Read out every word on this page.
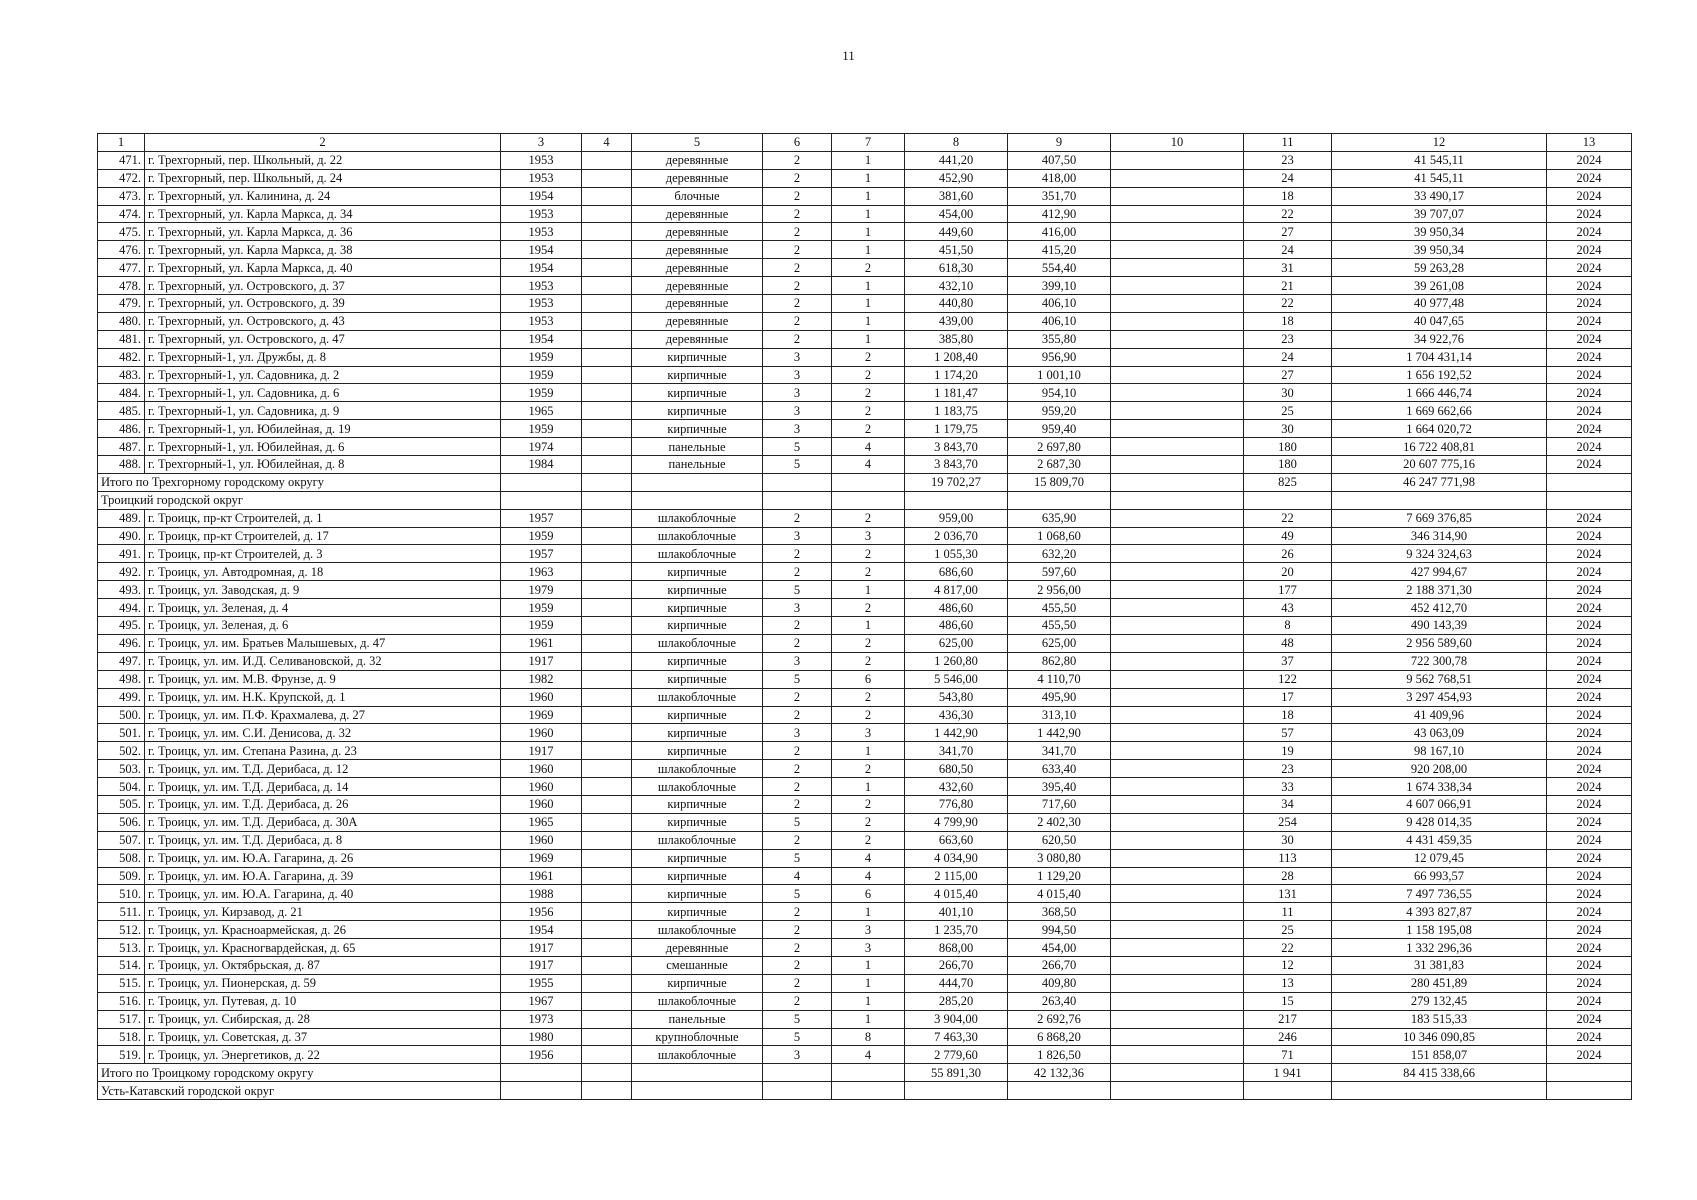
11
1	2	3	4	5	6	7	8	9	10	11	12	13
471.	г. Трехгорный, пер. Школьный, д. 22	1953		деревянные	2	1	441,20	407,50		23	41 545,11	2024
472.	г. Трехгорный, пер. Школьный, д. 24	1953		деревянные	2	1	452,90	418,00		24	41 545,11	2024
473.	г. Трехгорный, ул. Калинина, д. 24	1954		блочные	2	1	381,60	351,70		18	33 490,17	2024
474.	г. Трехгорный, ул. Карла Маркса, д. 34	1953		деревянные	2	1	454,00	412,90		22	39 707,07	2024
475.	г. Трехгорный, ул. Карла Маркса, д. 36	1953		деревянные	2	1	449,60	416,00		27	39 950,34	2024
476.	г. Трехгорный, ул. Карла Маркса, д. 38	1954		деревянные	2	1	451,50	415,20		24	39 950,34	2024
477.	г. Трехгорный, ул. Карла Маркса, д. 40	1954		деревянные	2	2	618,30	554,40		31	59 263,28	2024
478.	г. Трехгорный, ул. Островского, д. 37	1953		деревянные	2	1	432,10	399,10		21	39 261,08	2024
479.	г. Трехгорный, ул. Островского, д. 39	1953		деревянные	2	1	440,80	406,10		22	40 977,48	2024
480.	г. Трехгорный, ул. Островского, д. 43	1953		деревянные	2	1	439,00	406,10		18	40 047,65	2024
481.	г. Трехгорный, ул. Островского, д. 47	1954		деревянные	2	1	385,80	355,80		23	34 922,76	2024
482.	г. Трехгорный-1, ул. Дружбы, д. 8	1959		кирпичные	3	2	1 208,40	956,90		24	1 704 431,14	2024
483.	г. Трехгорный-1, ул. Садовника, д. 2	1959		кирпичные	3	2	1 174,20	1 001,10		27	1 656 192,52	2024
484.	г. Трехгорный-1, ул. Садовника, д. 6	1959		кирпичные	3	2	1 181,47	954,10		30	1 666 446,74	2024
485.	г. Трехгорный-1, ул. Садовника, д. 9	1965		кирпичные	3	2	1 183,75	959,20		25	1 669 662,66	2024
486.	г. Трехгорный-1, ул. Юбилейная, д. 19	1959		кирпичные	3	2	1 179,75	959,40		30	1 664 020,72	2024
487.	г. Трехгорный-1, ул. Юбилейная, д. 6	1974		панельные	5	4	3 843,70	2 697,80		180	16 722 408,81	2024
488.	г. Трехгорный-1, ул. Юбилейная, д. 8	1984		панельные	5	4	3 843,70	2 687,30		180	20 607 775,16	2024
Итого по Трехгорному городскому округу							19 702,27	15 809,70		825	46 247 771,98	
Троицкий городской округ												
489.	г. Троицк, пр-кт Строителей, д. 1	1957		шлакоблочные	2	2	959,00	635,90		22	7 669 376,85	2024
490.	г. Троицк, пр-кт Строителей, д. 17	1959		шлакоблочные	3	3	2 036,70	1 068,60		49	346 314,90	2024
491.	г. Троицк, пр-кт Строителей, д. 3	1957		шлакоблочные	2	2	1 055,30	632,20		26	9 324 324,63	2024
492.	г. Троицк, ул. Автодромная, д. 18	1963		кирпичные	2	2	686,60	597,60		20	427 994,67	2024
493.	г. Троицк, ул. Заводская, д. 9	1979		кирпичные	5	1	4 817,00	2 956,00		177	2 188 371,30	2024
494.	г. Троицк, ул. Зеленая, д. 4	1959		кирпичные	3	2	486,60	455,50		43	452 412,70	2024
495.	г. Троицк, ул. Зеленая, д. 6	1959		кирпичные	2	1	486,60	455,50		8	490 143,39	2024
496.	г. Троицк, ул. им. Братьев Малышевых, д. 47	1961		шлакоблочные	2	2	625,00	625,00		48	2 956 589,60	2024
497.	г. Троицк, ул. им. И.Д. Селивановской, д. 32	1917		кирпичные	3	2	1 260,80	862,80		37	722 300,78	2024
498.	г. Троицк, ул. им. М.В. Фрунзе, д. 9	1982		кирпичные	5	6	5 546,00	4 110,70		122	9 562 768,51	2024
499.	г. Троицк, ул. им. Н.К. Крупской, д. 1	1960		шлакоблочные	2	2	543,80	495,90		17	3 297 454,93	2024
500.	г. Троицк, ул. им. П.Ф. Крахмалева, д. 27	1969		кирпичные	2	2	436,30	313,10		18	41 409,96	2024
501.	г. Троицк, ул. им. С.И. Денисова, д. 32	1960		кирпичные	3	3	1 442,90	1 442,90		57	43 063,09	2024
502.	г. Троицк, ул. им. Степана Разина, д. 23	1917		кирпичные	2	1	341,70	341,70		19	98 167,10	2024
503.	г. Троицк, ул. им. Т.Д. Дерибаса, д. 12	1960		шлакоблочные	2	2	680,50	633,40		23	920 208,00	2024
504.	г. Троицк, ул. им. Т.Д. Дерибаса, д. 14	1960		шлакоблочные	2	1	432,60	395,40		33	1 674 338,34	2024
505.	г. Троицк, ул. им. Т.Д. Дерибаса, д. 26	1960		кирпичные	2	2	776,80	717,60		34	4 607 066,91	2024
506.	г. Троицк, ул. им. Т.Д. Дерибаса, д. 30А	1965		кирпичные	5	2	4 799,90	2 402,30		254	9 428 014,35	2024
507.	г. Троицк, ул. им. Т.Д. Дерибаса, д. 8	1960		шлакоблочные	2	2	663,60	620,50		30	4 431 459,35	2024
508.	г. Троицк, ул. им. Ю.А. Гагарина, д. 26	1969		кирпичные	5	4	4 034,90	3 080,80		113	12 079,45	2024
509.	г. Троицк, ул. им. Ю.А. Гагарина, д. 39	1961		кирпичные	4	4	2 115,00	1 129,20		28	66 993,57	2024
510.	г. Троицк, ул. им. Ю.А. Гагарина, д. 40	1988		кирпичные	5	6	4 015,40	4 015,40		131	7 497 736,55	2024
511.	г. Троицк, ул. Кирзавод, д. 21	1956		кирпичные	2	1	401,10	368,50		11	4 393 827,87	2024
512.	г. Троицк, ул. Красноармейская, д. 26	1954		шлакоблочные	2	3	1 235,70	994,50		25	1 158 195,08	2024
513.	г. Троицк, ул. Красногвардейская, д. 65	1917		деревянные	2	3	868,00	454,00		22	1 332 296,36	2024
514.	г. Троицк, ул. Октябрьская, д. 87	1917		смешанные	2	1	266,70	266,70		12	31 381,83	2024
515.	г. Троицк, ул. Пионерская, д. 59	1955		кирпичные	2	1	444,70	409,80		13	280 451,89	2024
516.	г. Троицк, ул. Путевая, д. 10	1967		шлакоблочные	2	1	285,20	263,40		15	279 132,45	2024
517.	г. Троицк, ул. Сибирская, д. 28	1973		панельные	5	1	3 904,00	2 692,76		217	183 515,33	2024
518.	г. Троицк, ул. Советская, д. 37	1980		крупноблочные	5	8	7 463,30	6 868,20		246	10 346 090,85	2024
519.	г. Троицк, ул. Энергетиков, д. 22	1956		шлакоблочные	3	4	2 779,60	1 826,50		71	151 858,07	2024
Итого по Троицкому городскому округу							55 891,30	42 132,36		1 941	84 415 338,66	
Усть-Катавский городской округ												
